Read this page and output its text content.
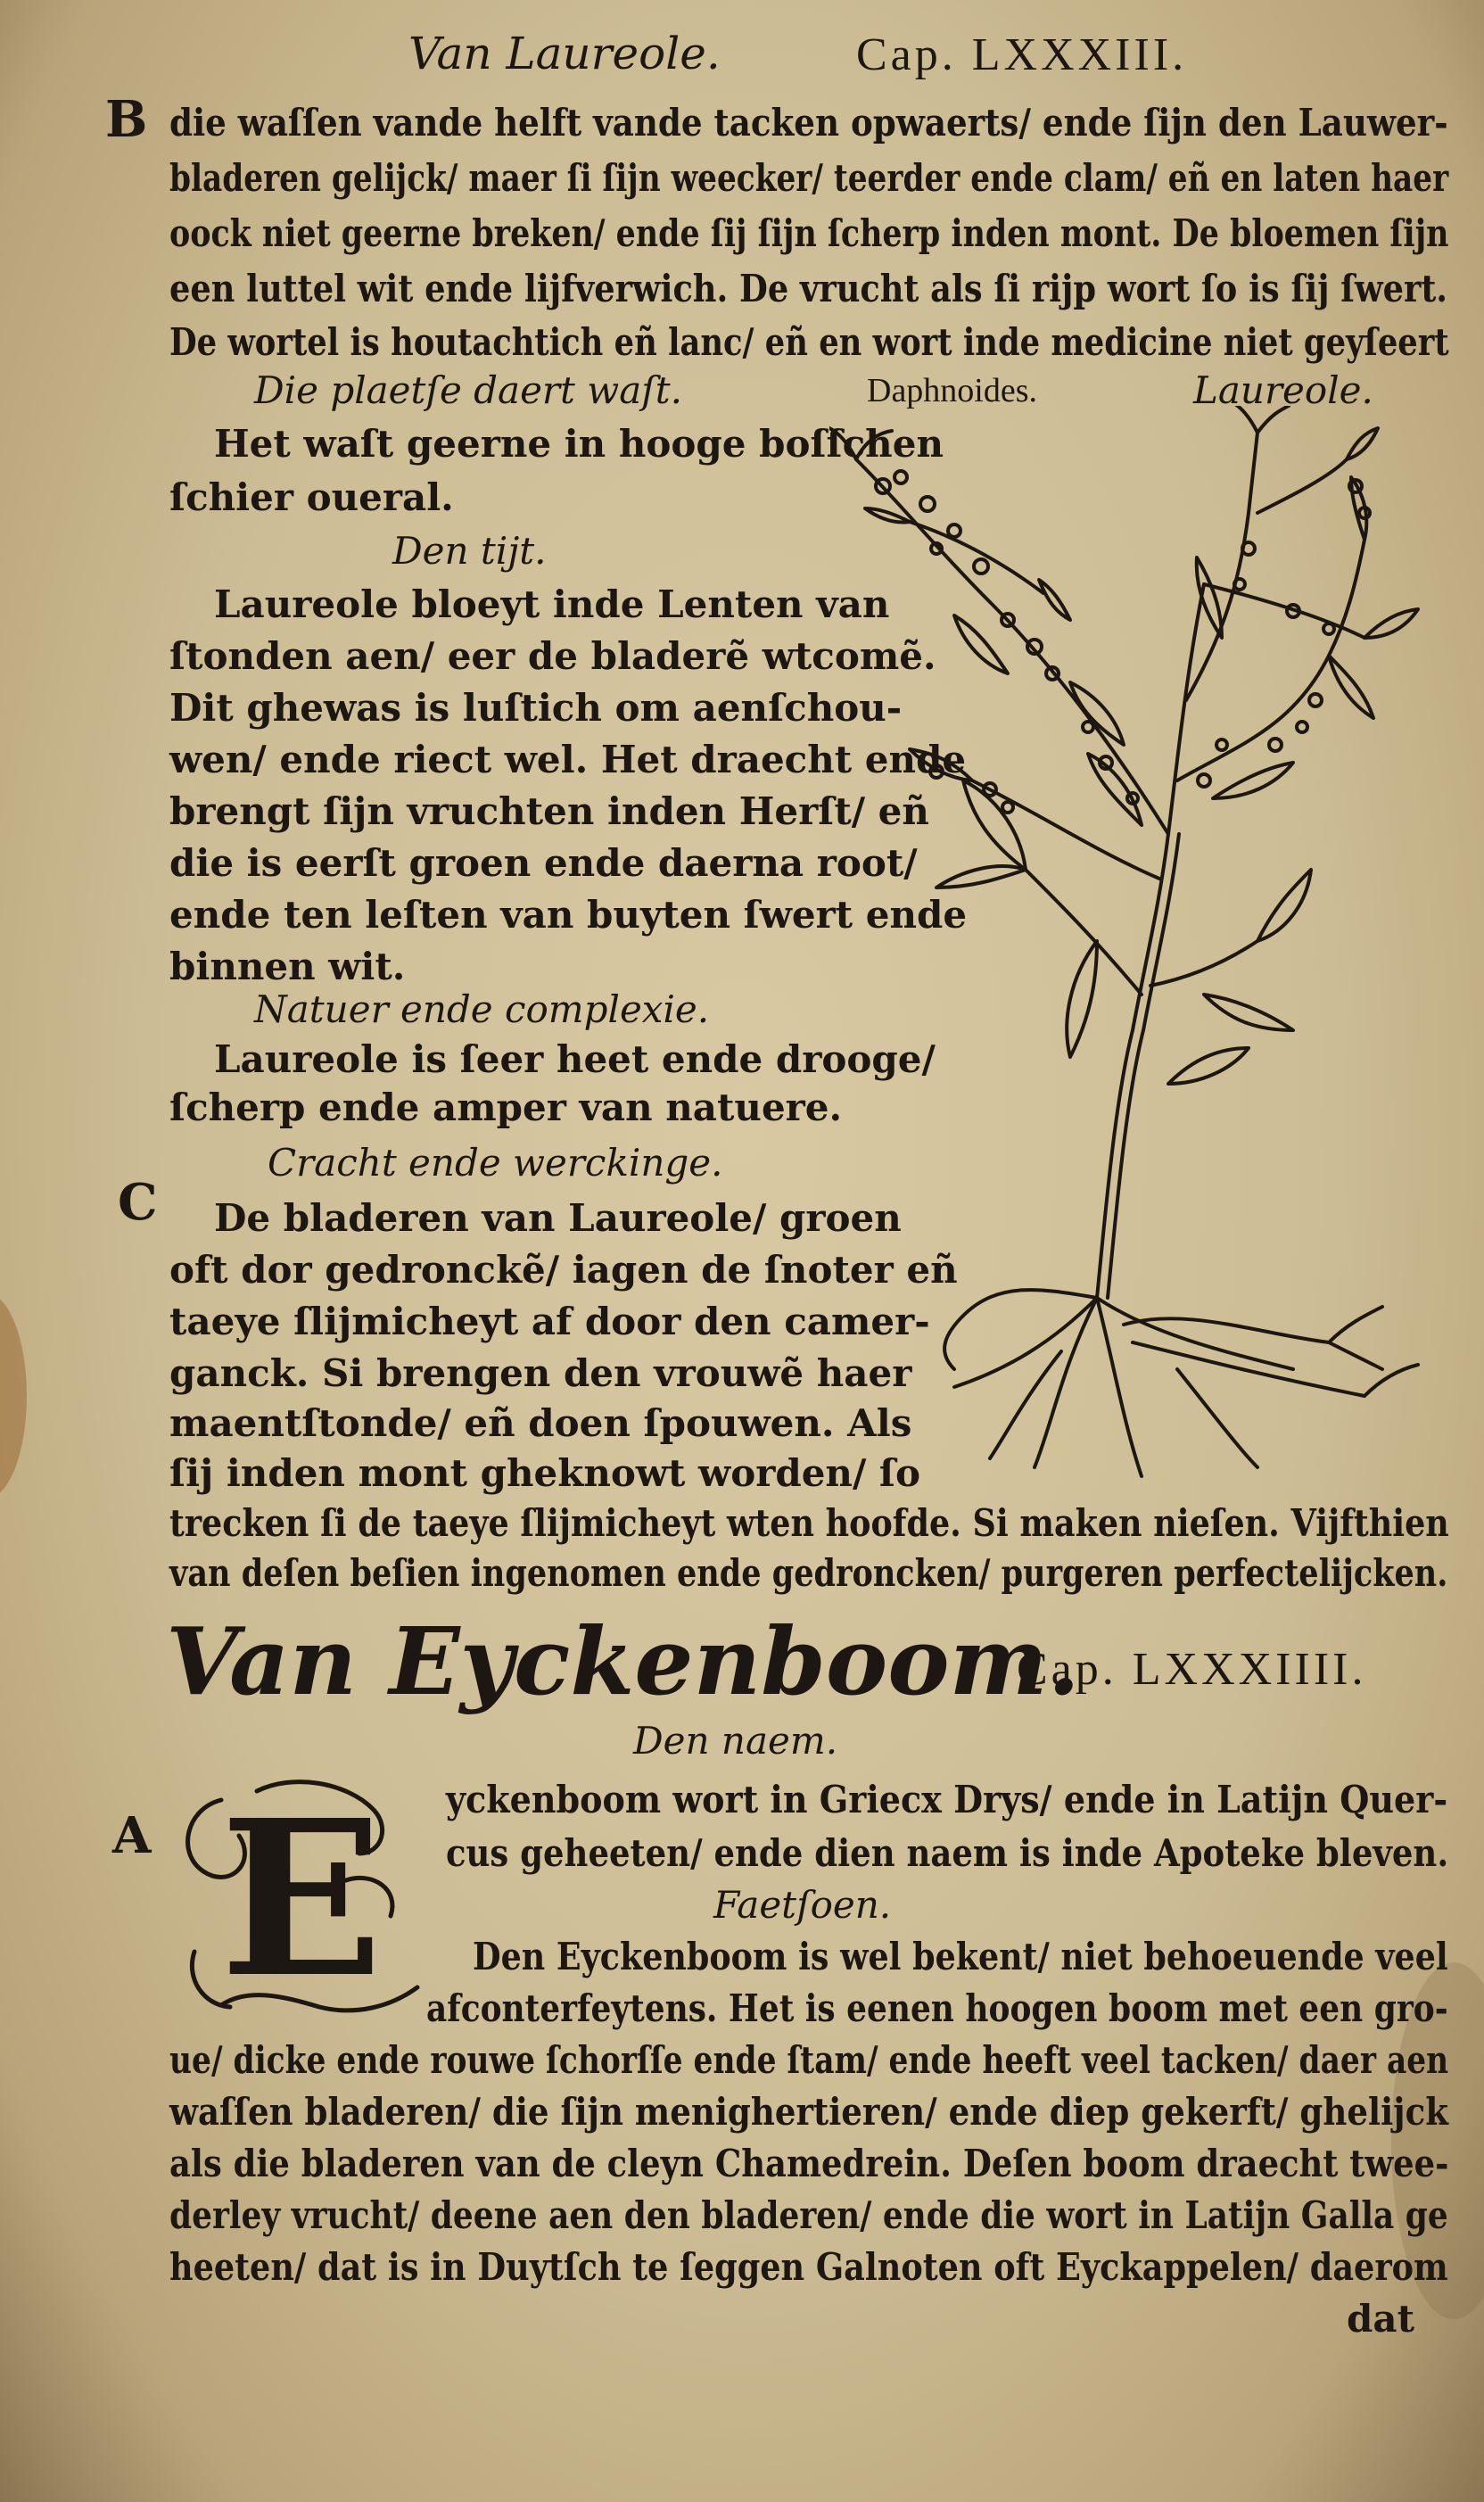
Van Laureole.	Cap. LXXXIII.
B
C
A
die waſſen vande helft vande tacken opwaerts/ ende ſijn den Lauwer-
bladeren gelijck/ maer ſi ſijn weecker/ teerder ende clam/ eñ en laten haer
oock niet geerne breken/ ende ſij ſijn ſcherp inden mont. De bloemen ſijn
een luttel wit ende lijfverwich. De vrucht als ſi rijp wort ſo is ſij ſwert.
De wortel is houtachtich eñ lanc/ eñ en wort inde medicine niet geyſeert
Die plaetſe daert waſt.	Daphnoides.	Laureole.
Het waſt geerne in hooge boſſchen
ſchier oueral.
Den tijt.
Laureole bloeyt inde Lenten van
ſtonden aen/ eer de bladerẽ wtcomẽ.
Dit ghewas is luſtich om aenſchou-
wen/ ende riect wel. Het draecht ende
brengt ſijn vruchten inden Herſt/ eñ
die is eerſt groen ende daerna root/
ende ten leſten van buyten ſwert ende
binnen wit.
Natuer ende complexie.
Laureole is ſeer heet ende drooge/
ſcherp ende amper van natuere.
Cracht ende werckinge.
De bladeren van Laureole/ groen
oft dor gedronckẽ/ iagen de ſnoter eñ
taeye ſlijmicheyt af door den camer-
ganck. Si brengen den vrouwẽ haer
maentſtonde/ eñ doen ſpouwen. Als
ſij inden mont gheknowt worden/ ſo
trecken ſi de taeye ſlijmicheyt wten hoofde. Si maken nieſen. Vijfthien
van deſen beſien ingenomen ende gedroncken/ purgeren perfectelijcken.
Van Eyckenboom.
Cap. LXXXIIII.
Den naem.
E yckenboom wort in Griecx Drys/ ende in Latijn Quer-
cus geheeten/ ende dien naem is inde Apoteke bleven.
Faetſoen.
Den Eyckenboom is wel bekent/ niet behoeuende veel
afconterfeytens. Het is eenen hoogen boom met een gro-
ue/ dicke ende rouwe ſchorſſe ende ſtam/ ende heeft veel tacken/ daer aen
waſſen bladeren/ die ſijn menighertieren/ ende diep gekerft/ ghelijck
als die bladeren van de cleyn Chamedrein. Deſen boom draecht twee-
derley vrucht/ deene aen den bladeren/ ende die wort in Latijn Galla ge
heeten/ dat is in Duytſch te ſeggen Galnoten oft Eyckappelen/ daerom
dat
